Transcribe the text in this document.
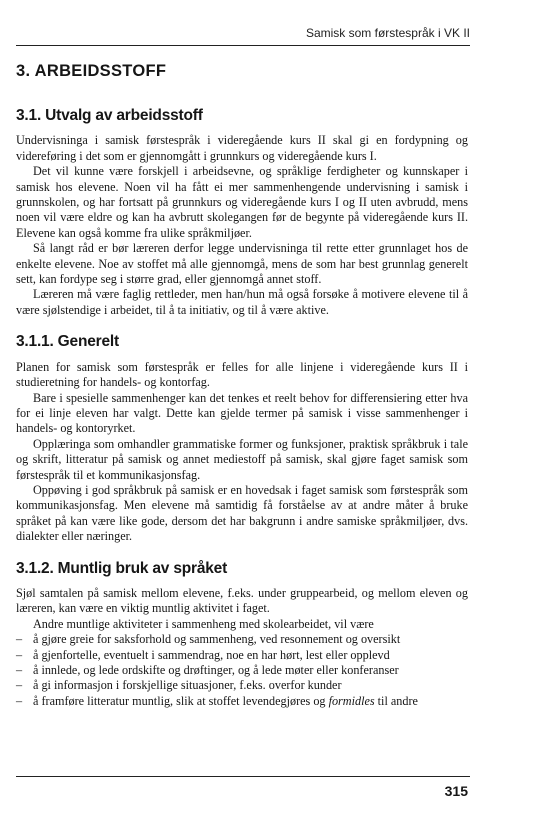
Samisk som førstespråk i VK II
3. ARBEIDSSTOFF
3.1. Utvalg av arbeidsstoff

Undervisninga i samisk førstespråk i videregående kurs II skal gi en fordypning og videreføring i det som er gjennomgått i grunnkurs og videregående kurs I.

Det vil kunne være forskjell i arbeidsevne, og språklige ferdigheter og kunnskaper i samisk hos elevene. Noen vil ha fått ei mer sammenhengende undervisning i samisk i grunnskolen, og har fortsatt på grunnkurs og videregående kurs I og II uten avbrudd, mens noen vil være eldre og kan ha avbrutt skolegangen før de begynte på videregående kurs II. Elevene kan også komme fra ulike språkmiljøer.

Så langt råd er bør læreren derfor legge undervisninga til rette etter grunnlaget hos de enkelte elevene. Noe av stoffet må alle gjennomgå, mens de som har best grunnlag generelt sett, kan fordype seg i større grad, eller gjennomgå annet stoff.

Læreren må være faglig rettleder, men han/hun må også forsøke å motivere elevene til å være sjølstendige i arbeidet, til å ta initiativ, og til å være aktive.

3.1.1. Generelt

Planen for samisk som førstespråk er felles for alle linjene i videregående kurs II i studieretning for handels- og kontorfag.

Bare i spesielle sammenhenger kan det tenkes et reelt behov for differensiering etter hva for ei linje eleven har valgt. Dette kan gjelde termer på samisk i visse sammenhenger i handels- og kontoryrket.

Opplæringa som omhandler grammatiske former og funksjoner, praktisk språkbruk i tale og skrift, litteratur på samisk og annet mediestoff på samisk, skal gjøre faget samisk som førstespråk til et kommunikasjonsfag.

Oppøving i god språkbruk på samisk er en hovedsak i faget samisk som førstespråk som kommunikasjonsfag. Men elevene må samtidig få forståelse av at andre måter å bruke språket på kan være like gode, dersom det har bakgrunn i andre samiske språkmiljøer, dvs. dialekter eller næringer.

3.1.2. Muntlig bruk av språket

Sjøl samtalen på samisk mellom elevene, f.eks. under gruppearbeid, og mellom eleven og læreren, kan være en viktig muntlig aktivitet i faget.

Andre muntlige aktiviteter i sammenheng med skolearbeidet, vil være

– å gjøre greie for saksforhold og sammenheng, ved resonnement og oversikt
– å gjenfortelle, eventuelt i sammendrag, noe en har hørt, lest eller opplevd
– å innlede, og lede ordskifte og drøftinger, og å lede møter eller konferanser
– å gi informasjon i forskjellige situasjoner, f.eks. overfor kunder
– å framføre litteratur muntlig, slik at stoffet levendegjøres og formidles til andre
315
